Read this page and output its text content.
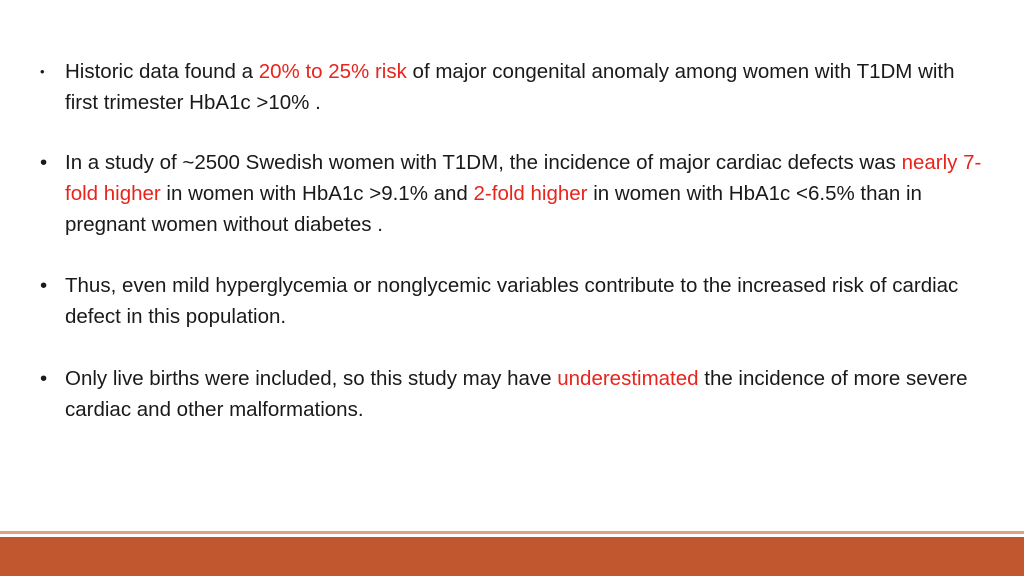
• Historic data found a 20% to 25% risk of major congenital anomaly among women with T1DM with first trimester HbA1c >10% .
• In a study of ~2500 Swedish women with T1DM, the incidence of major cardiac defects was nearly 7-fold higher in women with HbA1c >9.1% and 2-fold higher in women with HbA1c <6.5% than in pregnant women without diabetes .
• Thus, even mild hyperglycemia or nonglycemic variables contribute to the increased risk of cardiac defect in this population.
• Only live births were included, so this study may have underestimated the incidence of more severe cardiac and other malformations.
